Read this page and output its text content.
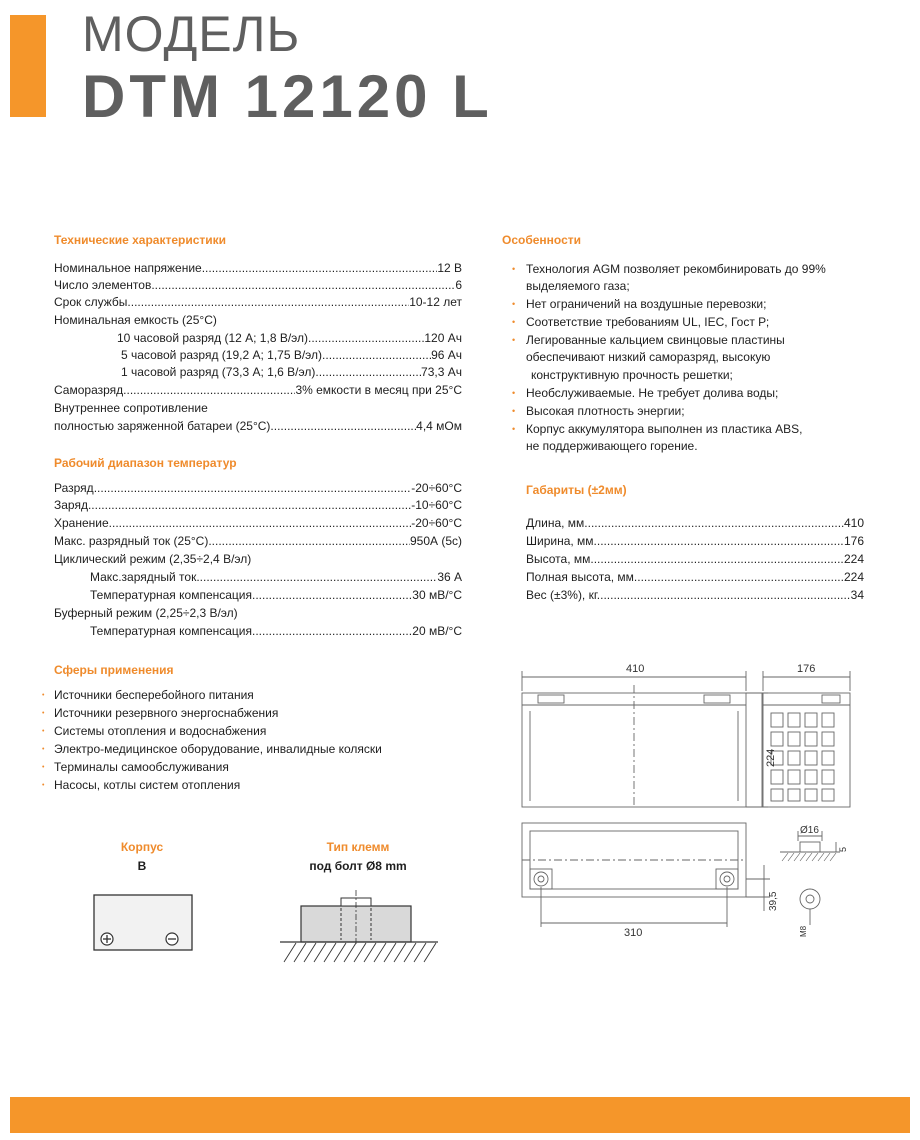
МОДЕЛЬ
DTM 12120 L
Технические характеристики
Номинальное напряжение .....	12 В
Число элементов .....	6
Срок службы .....	10-12 лет
Номинальная емкость (25°С)
10 часовой разряд (12 А; 1,8 В/эл) .....	120 Ач
5 часовой разряд (19,2 А; 1,75 В/эл) .....	96 Ач
1 часовой разряд (73,3 А; 1,6 В/эл) .....	73,3 Ач
Саморазряд .....	3% емкости в месяц при 25°С
Внутреннее сопротивление
полностью заряженной батареи (25°С) .....	4,4 мОм
Рабочий диапазон температур
Разряд .....	-20÷60°С
Заряд .....	-10÷60°С
Хранение .....	-20÷60°С
Макс. разрядный ток (25°С) .....	950А (5с)
Циклический режим (2,35÷2,4 В/эл)
Макс.зарядный ток .....	36 А
Температурная компенсация .....	30 мВ/°С
Буферный режим (2,25÷2,3 В/эл)
Температурная компенсация .....	20 мВ/°С
Сферы применения
• Источники бесперебойного питания
• Источники резервного энергоснабжения
• Системы отопления и водоснабжения
• Электро-медицинское оборудование, инвалидные коляски
• Терминалы самообслуживания
• Насосы, котлы систем отопления
Особенности
• Технология AGM позволяет рекомбинировать до 99%
выделяемого газа;
• Нет ограничений на воздушные перевозки;
• Соответствие требованиям UL, IEC, Гост Р;
• Легированные кальцием свинцовые пластины
обеспечивают низкий саморазряд, высокую
конструктивную прочность решетки;
• Необслуживаемые. Не требует долива воды;
• Высокая плотность энергии;
• Корпус аккумулятора выполнен из пластика ABS,
не поддерживающего горение.
Габариты (±2мм)
Длина, мм. .....	410
Ширина, мм. .....	176
Высота, мм. .....	224
Полная высота, мм. .....	224
Вес (±3%), кг. .....	34
Корпус
B
Тип клемм
под болт Ø8 mm
410	176
224
310
39,5
Ø16
5
M8
